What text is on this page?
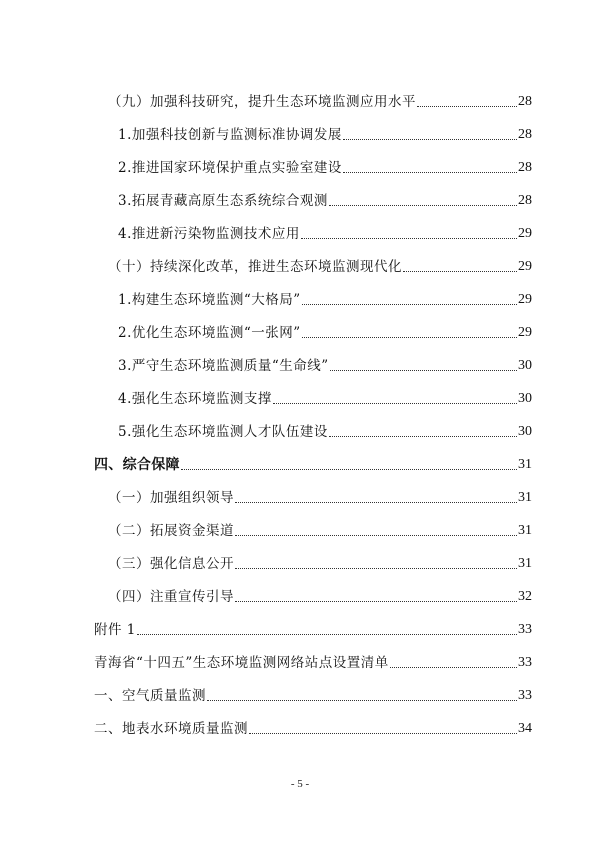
（九）加强科技研究，提升生态环境监测应用水平	28
1.加强科技创新与监测标准协调发展	28
2.推进国家环境保护重点实验室建设	28
3.拓展青藏高原生态系统综合观测	28
4.推进新污染物监测技术应用	29
（十）持续深化改革，推进生态环境监测现代化	29
1.构建生态环境监测“大格局”	29
2.优化生态环境监测“一张网”	29
3.严守生态环境监测质量“生命线”	30
4.强化生态环境监测支撑	30
5.强化生态环境监测人才队伍建设	30
四、综合保障	31
（一）加强组织领导	31
（二）拓展资金渠道	31
（三）强化信息公开	31
（四）注重宣传引导	32
附件 1	33
青海省“十四五”生态环境监测网络站点设置清单	33
一、空气质量监测	33
二、地表水环境质量监测	34
- 5 -
